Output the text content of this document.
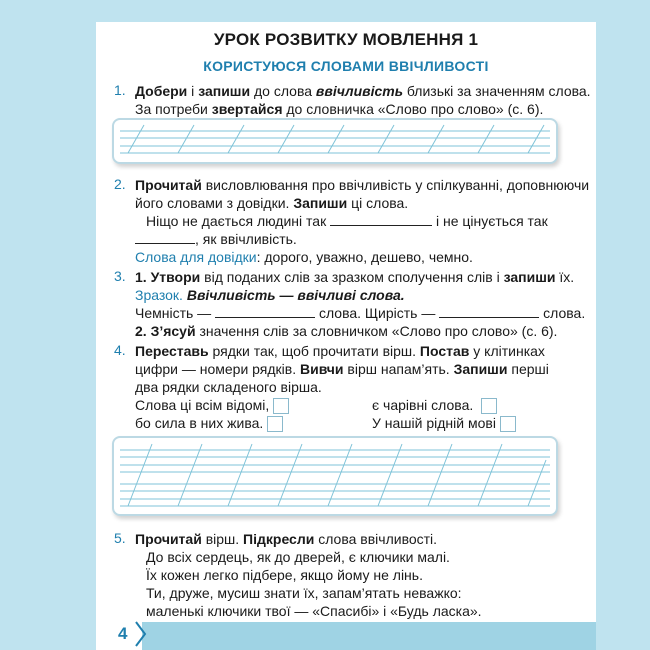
4
УРОК РОЗВИТКУ МОВЛЕННЯ 1
КОРИСТУЮСЯ СЛОВАМИ ВВІЧЛИВОСТІ
1. Добери і запиши до слова ввічливість близькі за значенням слова.
За потреби звертайся до словничка «Слово про слово» (с. 6).
2. Прочитай висловлювання про ввічливість у спілкуванні, доповнюючи
його словами з довідки. Запиши ці слова.
Ніщо не дається людині так	і не цінується так
, як ввічливість.
Слова для довідки: дорого, уважно, дешево, чемно.
3. 1. Утвори від поданих слів за зразком сполучення слів і запиши їх.
Зразок. Ввічливість — ввічливі слова.
Чемність —	слова. Щирість —	слова.
2. З’ясуй значення слів за словничком «Слово про слово» (с. 6).
4. Переставь рядки так, щоб прочитати вірш. Постав у клітинках
цифри — номери рядків. Вивчи вірш напам’ять. Запиши перші
два рядки складеного вірша.
Слова ці всім відомі,	є чарівні слова.
бо сила в них жива.	У нашій рідній мові
5. Прочитай вірш. Підкресли слова ввічливості.
До всіх сердець, як до дверей, є ключики малі.
Їх кожен легко підбере, якщо йому не лінь.
Ти, друже, мусиш знати їх, запам’ятать неважко:
маленькі ключики твої — «Спасибі» і «Будь ласка».
